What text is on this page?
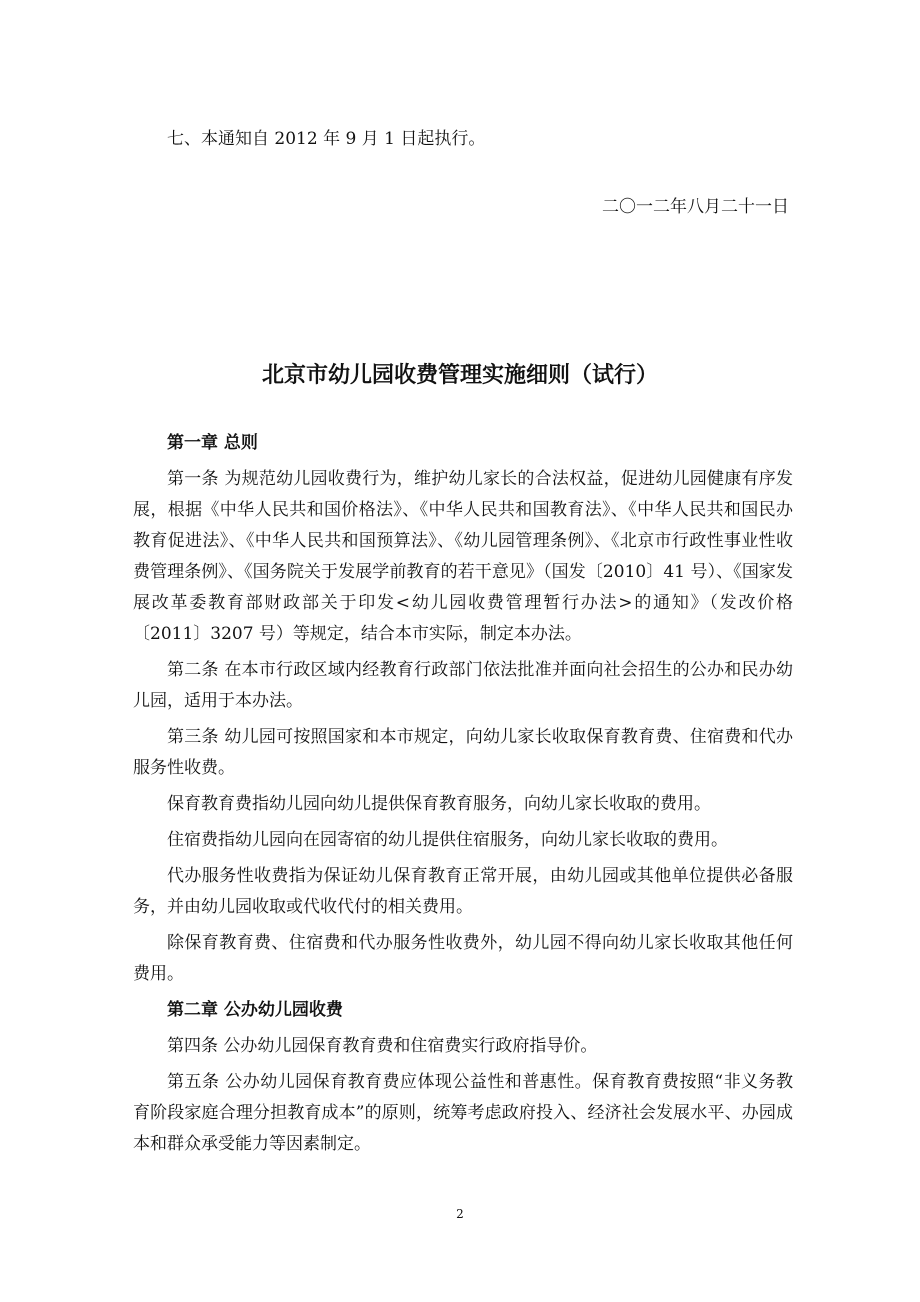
七、本通知自 2012 年 9 月 1 日起执行。

二〇一二年八月二十一日

北京市幼儿园收费管理实施细则（试行）

第一章 总则

第一条 为规范幼儿园收费行为，维护幼儿家长的合法权益，促进幼儿园健康有序发展，根据《中华人民共和国价格法》、《中华人民共和国教育法》、《中华人民共和国民办教育促进法》、《中华人民共和国预算法》、《幼儿园管理条例》、《北京市行政性事业性收费管理条例》、《国务院关于发展学前教育的若干意见》（国发〔2010〕41 号）、《国家发展改革委教育部财政部关于印发<幼儿园收费管理暂行办法>的通知》（发改价格〔2011〕3207 号）等规定，结合本市实际，制定本办法。

第二条 在本市行政区域内经教育行政部门依法批准并面向社会招生的公办和民办幼儿园，适用于本办法。

第三条 幼儿园可按照国家和本市规定，向幼儿家长收取保育教育费、住宿费和代办服务性收费。

保育教育费指幼儿园向幼儿提供保育教育服务，向幼儿家长收取的费用。

住宿费指幼儿园向在园寄宿的幼儿提供住宿服务，向幼儿家长收取的费用。

代办服务性收费指为保证幼儿保育教育正常开展，由幼儿园或其他单位提供必备服务，并由幼儿园收取或代收代付的相关费用。

除保育教育费、住宿费和代办服务性收费外，幼儿园不得向幼儿家长收取其他任何费用。

第二章 公办幼儿园收费

第四条 公办幼儿园保育教育费和住宿费实行政府指导价。

第五条 公办幼儿园保育教育费应体现公益性和普惠性。保育教育费按照“非义务教育阶段家庭合理分担教育成本”的原则，统筹考虑政府投入、经济社会发展水平、办园成本和群众承受能力等因素制定。

2
